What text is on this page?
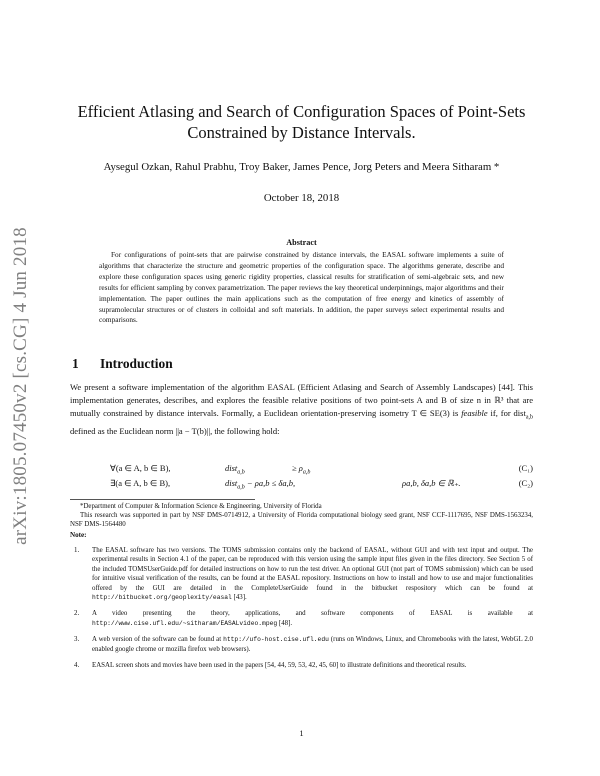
arXiv:1805.07450v2 [cs.CG] 4 Jun 2018
Efficient Atlasing and Search of Configuration Spaces of Point-Sets
Constrained by Distance Intervals.
Aysegul Ozkan, Rahul Prabhu, Troy Baker, James Pence, Jorg Peters and Meera Sitharam *
October 18, 2018
Abstract
For configurations of point-sets that are pairwise constrained by distance intervals, the EASAL software implements a suite of algorithms that characterize the structure and geometric properties of the configuration space. The algorithms generate, describe and explore these configuration spaces using generic rigidity properties, classical results for stratification of semi-algebraic sets, and new results for efficient sampling by convex parametrization. The paper reviews the key theoretical underpinnings, major algorithms and their implementation. The paper outlines the main applications such as the computation of free energy and kinetics of assembly of supramolecular structures or of clusters in colloidal and soft materials. In addition, the paper surveys select experimental results and comparisons.
1 Introduction
We present a software implementation of the algorithm EASAL (Efficient Atlasing and Search of Assembly Landscapes) [44]. This implementation generates, describes, and explores the feasible relative positions of two point-sets A and B of size n in ℝ³ that are mutually constrained by distance intervals. Formally, a Euclidean orientation-preserving isometry T ∈ SE(3) is feasible if, for dist$_{a,b}$ defined as the Euclidean norm ||a − T(b)||, the following hold:
∀(a ∈ A, b ∈ B),	dist$_{a,b}$	≥ $\rho_{a,b}$	(C₁)
∃(a ∈ A, b ∈ B),	dist$_{a,b}$ − ρa,b ≤ δa,b,	ρa,b, δa,b ∈ ℝ₊.	(C₂)
*Department of Computer & Information Science & Engineering, University of Florida
This research was supported in part by NSF DMS-0714912, a University of Florida computational biology seed grant, NSF CCF-1117695, NSF DMS-1563234, NSF DMS-1564480
Note:
1. The EASAL software has two versions. The TOMS submission contains only the backend of EASAL, without GUI and with text input and output. The experimental results in Section 4.1 of the paper, can be reproduced with this version using the sample input files given in the files directory. See Section 5 of the included TOMSUserGuide.pdf for detailed instructions on how to run the test driver. An optional GUI (not part of TOMS submission) which can be used for intuitive visual verification of the results, can be found at the EASAL repository. Instructions on how to install and how to use and major functionalities offered by the GUI are detailed in the CompleteUserGuide found in the bitbucket respository which can be found at http://bitbucket.org/geoplexity/easal [43].
2. A video presenting the theory, applications, and software components of EASAL is available at http://www.cise.ufl.edu/~sitharam/EASALvideo.mpeg [48].
3. A web version of the software can be found at http://ufo-host.cise.ufl.edu (runs on Windows, Linux, and Chromebooks with the latest, WebGL 2.0 enabled google chrome or mozilla firefox web browsers).
4. EASAL screen shots and movies have been used in the papers [54, 44, 59, 53, 42, 45, 60] to illustrate definitions and theoretical results.
1
